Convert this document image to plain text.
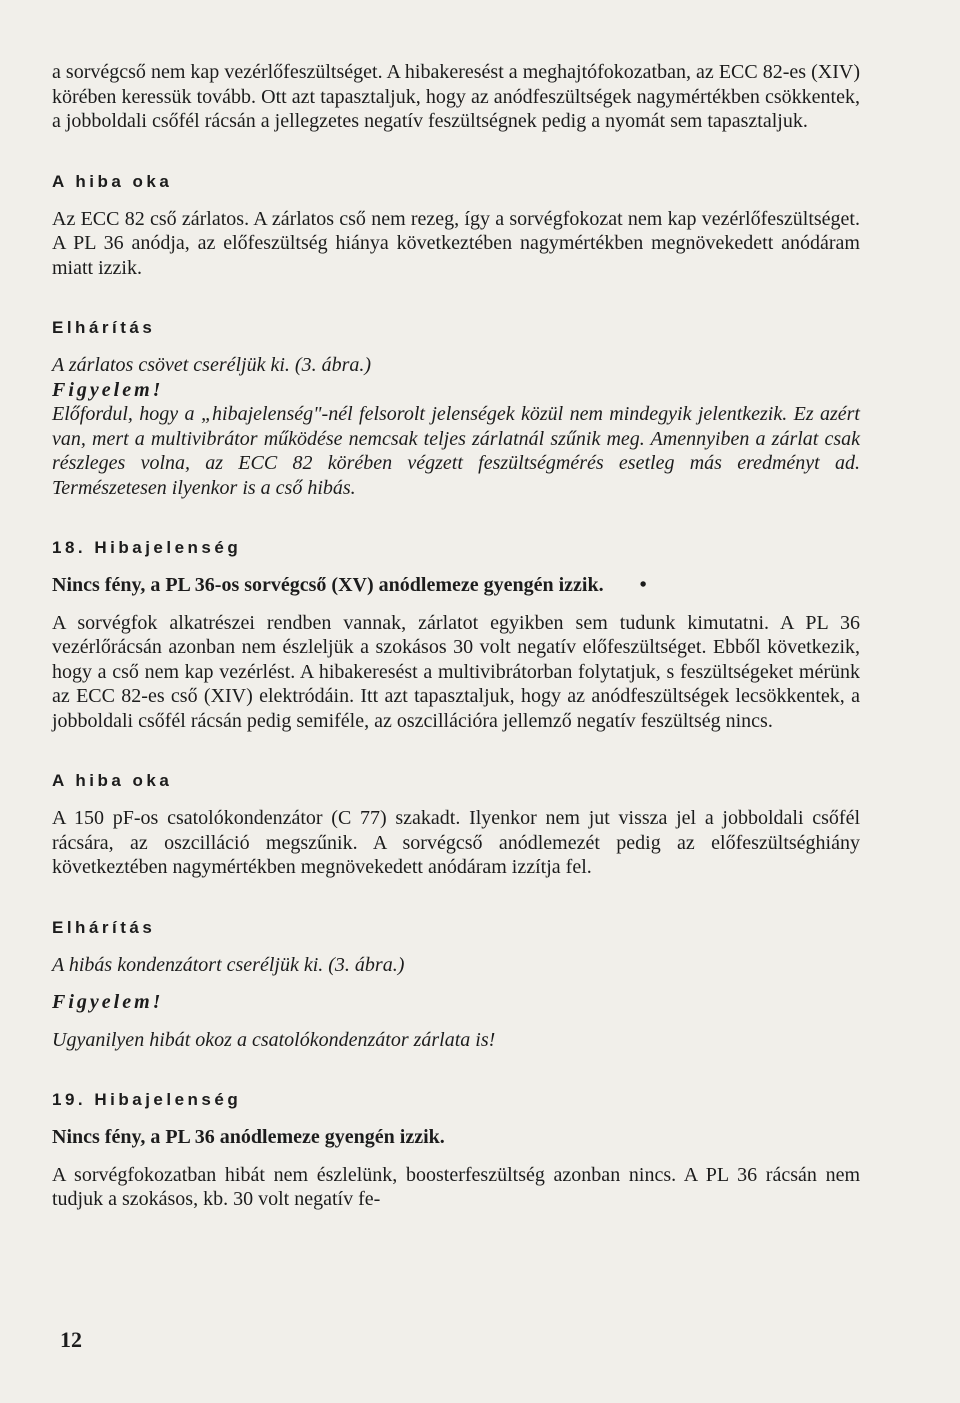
a sorvégcső nem kap vezérlőfeszültséget. A hibakeresést a meghajtófokozatban, az ECC 82-es (XIV) körében keressük tovább. Ott azt tapasztaljuk, hogy az anódfeszültségek nagymértékben csökkentek, a jobboldali csőfél rácsán a jellegzetes negatív feszültségnek pedig a nyomát sem tapasztaljuk.

A hiba oka

Az ECC 82 cső zárlatos. A zárlatos cső nem rezeg, így a sorvégfokozat nem kap vezérlőfeszültséget. A PL 36 anódja, az előfeszültség hiánya következtében nagymértékben megnövekedett anódáram miatt izzik.

Elhárítás

A zárlatos csövet cseréljük ki. (3. ábra.)

Figyelem!

Előfordul, hogy a „hibajelenség"-nél felsorolt jelenségek közül nem mindegyik jelentkezik. Ez azért van, mert a multivibrátor működése nemcsak teljes zárlatnál szűnik meg. Amennyiben a zárlat csak részleges volna, az ECC 82 körében végzett feszültségmérés esetleg más eredményt ad. Természetesen ilyenkor is a cső hibás.

18. Hibajelenség

Nincs fény, a PL 36-os sorvégcső (XV) anódlemeze gyengén izzik. •

A sorvégfok alkatrészei rendben vannak, zárlatot egyikben sem tudunk kimutatni. A PL 36 vezérlőrácsán azonban nem észleljük a szokásos 30 volt negatív előfeszültséget. Ebből következik, hogy a cső nem kap vezérlést. A hibakeresést a multivibrátorban folytatjuk, s feszültségeket mérünk az ECC 82-es cső (XIV) elektródáin. Itt azt tapasztaljuk, hogy az anódfeszültségek lecsökkentek, a jobboldali csőfél rácsán pedig semiféle, az oszcillációra jellemző negatív feszültség nincs.

A hiba oka

A 150 pF-os csatolókondenzátor (C 77) szakadt. Ilyenkor nem jut vissza jel a jobboldali csőfél rácsára, az oszcilláció megszűnik. A sorvégcső anódlemezét pedig az előfeszültséghiány következtében nagymértékben megnövekedett anódáram izzítja fel.

Elhárítás

A hibás kondenzátort cseréljük ki. (3. ábra.)

Figyelem!

Ugyanilyen hibát okoz a csatolókondenzátor zárlata is!

19. Hibajelenség

Nincs fény, a PL 36 anódlemeze gyengén izzik.

A sorvégfokozatban hibát nem észlelünk, boosterfeszültség azonban nincs. A PL 36 rácsán nem tudjuk a szokásos, kb. 30 volt negatív fe-

12
